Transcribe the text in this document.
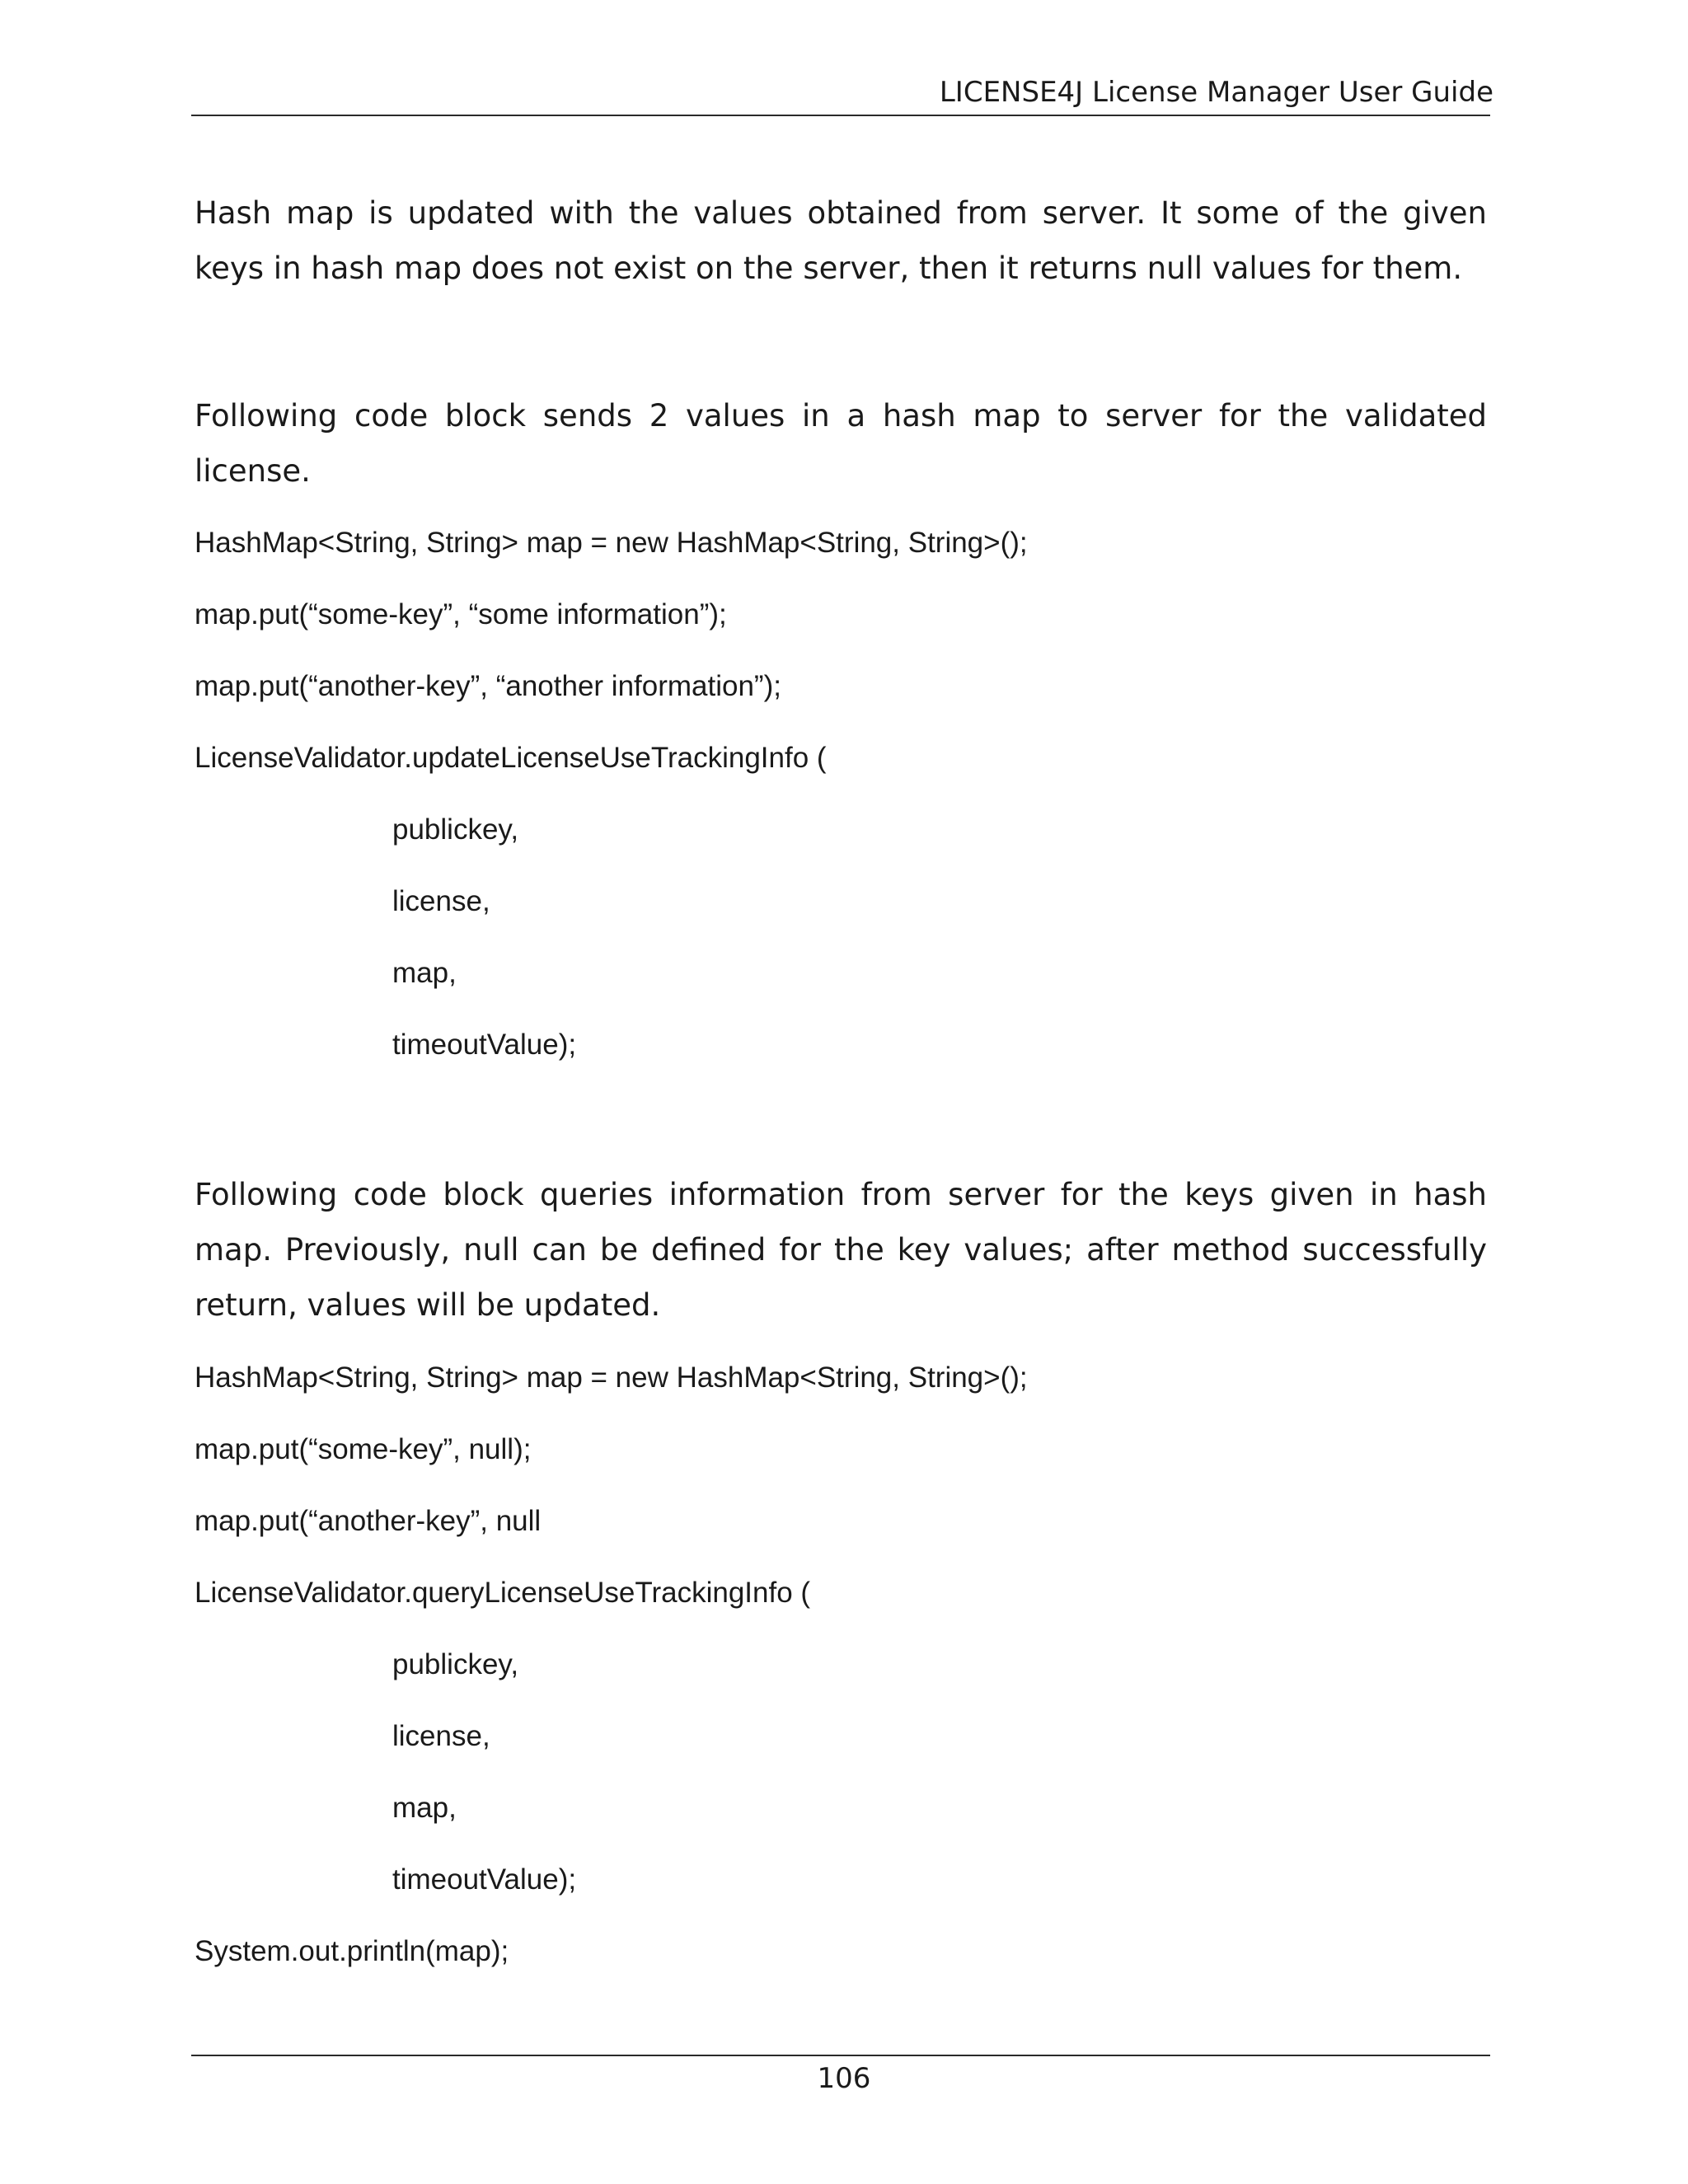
LICENSE4J License Manager User Guide

Hash map is updated with the values obtained from server. It some of the given keys in hash map does not exist on the server, then it returns null values for them.

Following code block sends 2 values in a hash map to server for the validated license.

HashMap<String, String> map = new HashMap<String, String>();
map.put(“some-key”, “some information”);
map.put(“another-key”, “another information”);
LicenseValidator.updateLicenseUseTrackingInfo (
publickey,
license,
map,
timeoutValue);

Following code block queries information from server for the keys given in hash map. Previously, null can be defined for the key values; after method successfully return, values will be updated.

HashMap<String, String> map = new HashMap<String, String>();
map.put(“some-key”, null);
map.put(“another-key”, null
LicenseValidator.queryLicenseUseTrackingInfo (
publickey,
license,
map,
timeoutValue);
System.out.println(map);
106
